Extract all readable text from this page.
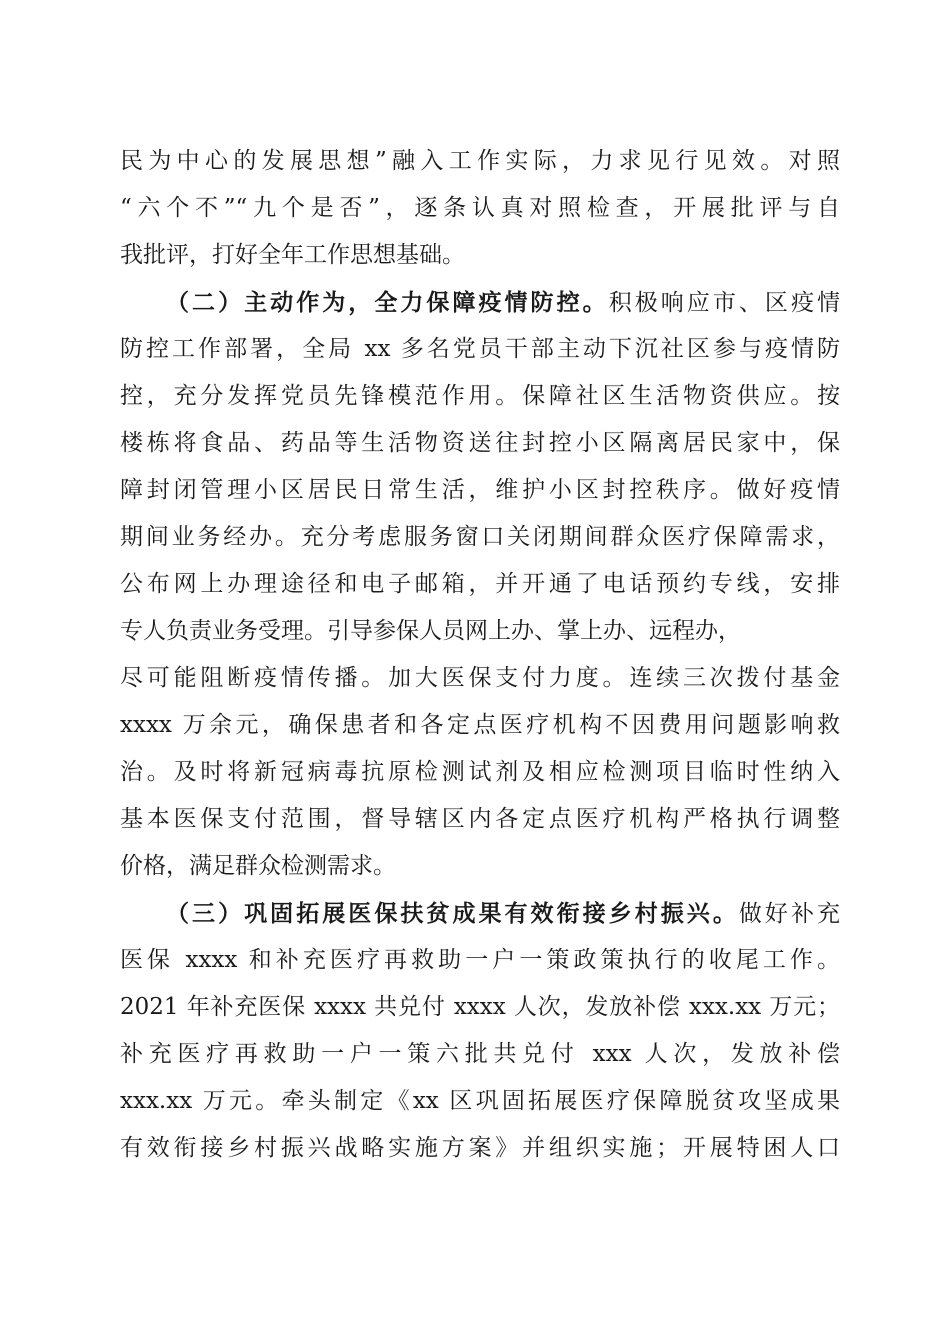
民为中心的发展思想”融入工作实际，力求见行见效。对照
“六个不”“九个是否”，逐条认真对照检查，开展批评与自
我批评，打好全年工作思想基础。
（二）主动作为，全力保障疫情防控。积极响应市、区疫情
防控工作部署，全局 xx 多名党员干部主动下沉社区参与疫情防
控，充分发挥党员先锋模范作用。保障社区生活物资供应。按
楼栋将食品、药品等生活物资送往封控小区隔离居民家中，保
障封闭管理小区居民日常生活，维护小区封控秩序。做好疫情
期间业务经办。充分考虑服务窗口关闭期间群众医疗保障需求，
公布网上办理途径和电子邮箱，并开通了电话预约专线，安排
专人负责业务受理。引导参保人员网上办、掌上办、远程办，
尽可能阻断疫情传播。加大医保支付力度。连续三次拨付基金
xxxx 万余元，确保患者和各定点医疗机构不因费用问题影响救
治。及时将新冠病毒抗原检测试剂及相应检测项目临时性纳入
基本医保支付范围，督导辖区内各定点医疗机构严格执行调整
价格，满足群众检测需求。
（三）巩固拓展医保扶贫成果有效衔接乡村振兴。做好补充
医保 xxxx 和补充医疗再救助一户一策政策执行的收尾工作。
2021 年补充医保 xxxx 共兑付 xxxx 人次，发放补偿 xxx.xx 万元；
补充医疗再救助一户一策六批共兑付 xxx 人次，发放补偿
xxx.xx 万元。牵头制定《xx 区巩固拓展医疗保障脱贫攻坚成果
有效衔接乡村振兴战略实施方案》并组织实施；开展特困人口
